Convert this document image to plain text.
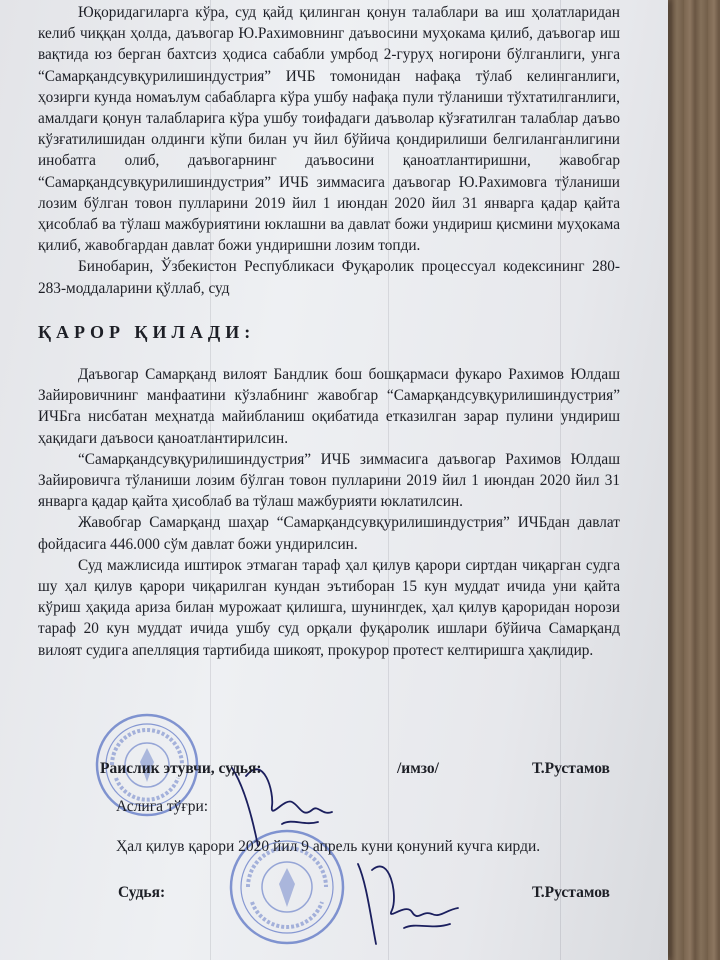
Юқоридагиларга кўра, суд қайд қилинган қонун талаблари ва иш ҳолатларидан келиб чиққан ҳолда, даъвогар Ю.Рахимовнинг даъвосини муҳокама қилиб, даъвогар иш вақтида юз берган бахтсиз ҳодиса сабабли умрбод 2-гуруҳ ногирони бўлганлиги, унга “Самарқандсувқурилишиндустрия” ИЧБ томонидан нафақа тўлаб келинганлиги, ҳозирги кунда номаълум сабабларга кўра ушбу нафақа пули тўланиши тўхтатилганлиги, амалдаги қонун талабларига кўра ушбу тоифадаги даъволар кўзғатилган талаблар даъво кўзғатилишидан олдинги кўпи билан уч йил бўйича қондирилиши белгиланганлигини инобатга олиб, даъвогарнинг даъвосини қаноатлантиришни, жавобгар “Самарқандсувқурилишиндустрия” ИЧБ зиммасига даъвогар Ю.Рахимовга тўланиши лозим бўлган товон пулларини 2019 йил 1 июндан 2020 йил 31 январга қадар қайта ҳисоблаб ва тўлаш мажбуриятини юклашни ва давлат божи ундириш қисмини муҳокама қилиб, жавобгардан давлат божи ундиришни лозим топди.

Бинобарин, Ўзбекистон Республикаси Фуқаролик процессуал кодексининг 280-283-моддаларини қўллаб, суд

ҚАРОР ҚИЛАДИ:

Даъвогар Самарқанд вилоят Бандлик бош бошқармаси фукаро Рахимов Юлдаш Зайировичнинг манфаатини кўзлабнинг жавобгар “Самарқандсувқурилишиндустрия” ИЧБга нисбатан меҳнатда майибланиш оқибатида етказилган зарар пулини ундириш ҳақидаги даъвоси қаноатлантирилсин.

“Самарқандсувқурилишиндустрия” ИЧБ зиммасига даъвогар Рахимов Юлдаш Зайировичга тўланиши лозим бўлган товон пулларини 2019 йил 1 июндан 2020 йил 31 январга қадар қайта ҳисоблаб ва тўлаш мажбурияти юклатилсин.

Жавобгар Самарқанд шаҳар “Самарқандсувқурилишиндустрия” ИЧБдан давлат фойдасига 446.000 сўм давлат божи ундирилсин.

Суд мажлисида иштирок этмаган тараф ҳал қилув қарори сиртдан чиқарган судга шу ҳал қилув қарори чиқарилган кундан эътиборан 15 кун муддат ичида уни қайта кўриш ҳақида ариза билан мурожаат қилишга, шунингдек, ҳал қилув қароридан норози тараф 20 кун муддат ичида ушбу суд орқали фуқаролик ишлари бўйича Самарқанд вилоят судига апелляция тартибида шикоят, прокурор протест келтиришга ҳақлидир.

Раислик этувчи, судья:	/имзо/	Т.Рустамов
Аслига тўғри:
Ҳал қилув қарори 2020 йил 9 апрель куни қонуний кучга кирди.
Судья:	Т.Рустамов
